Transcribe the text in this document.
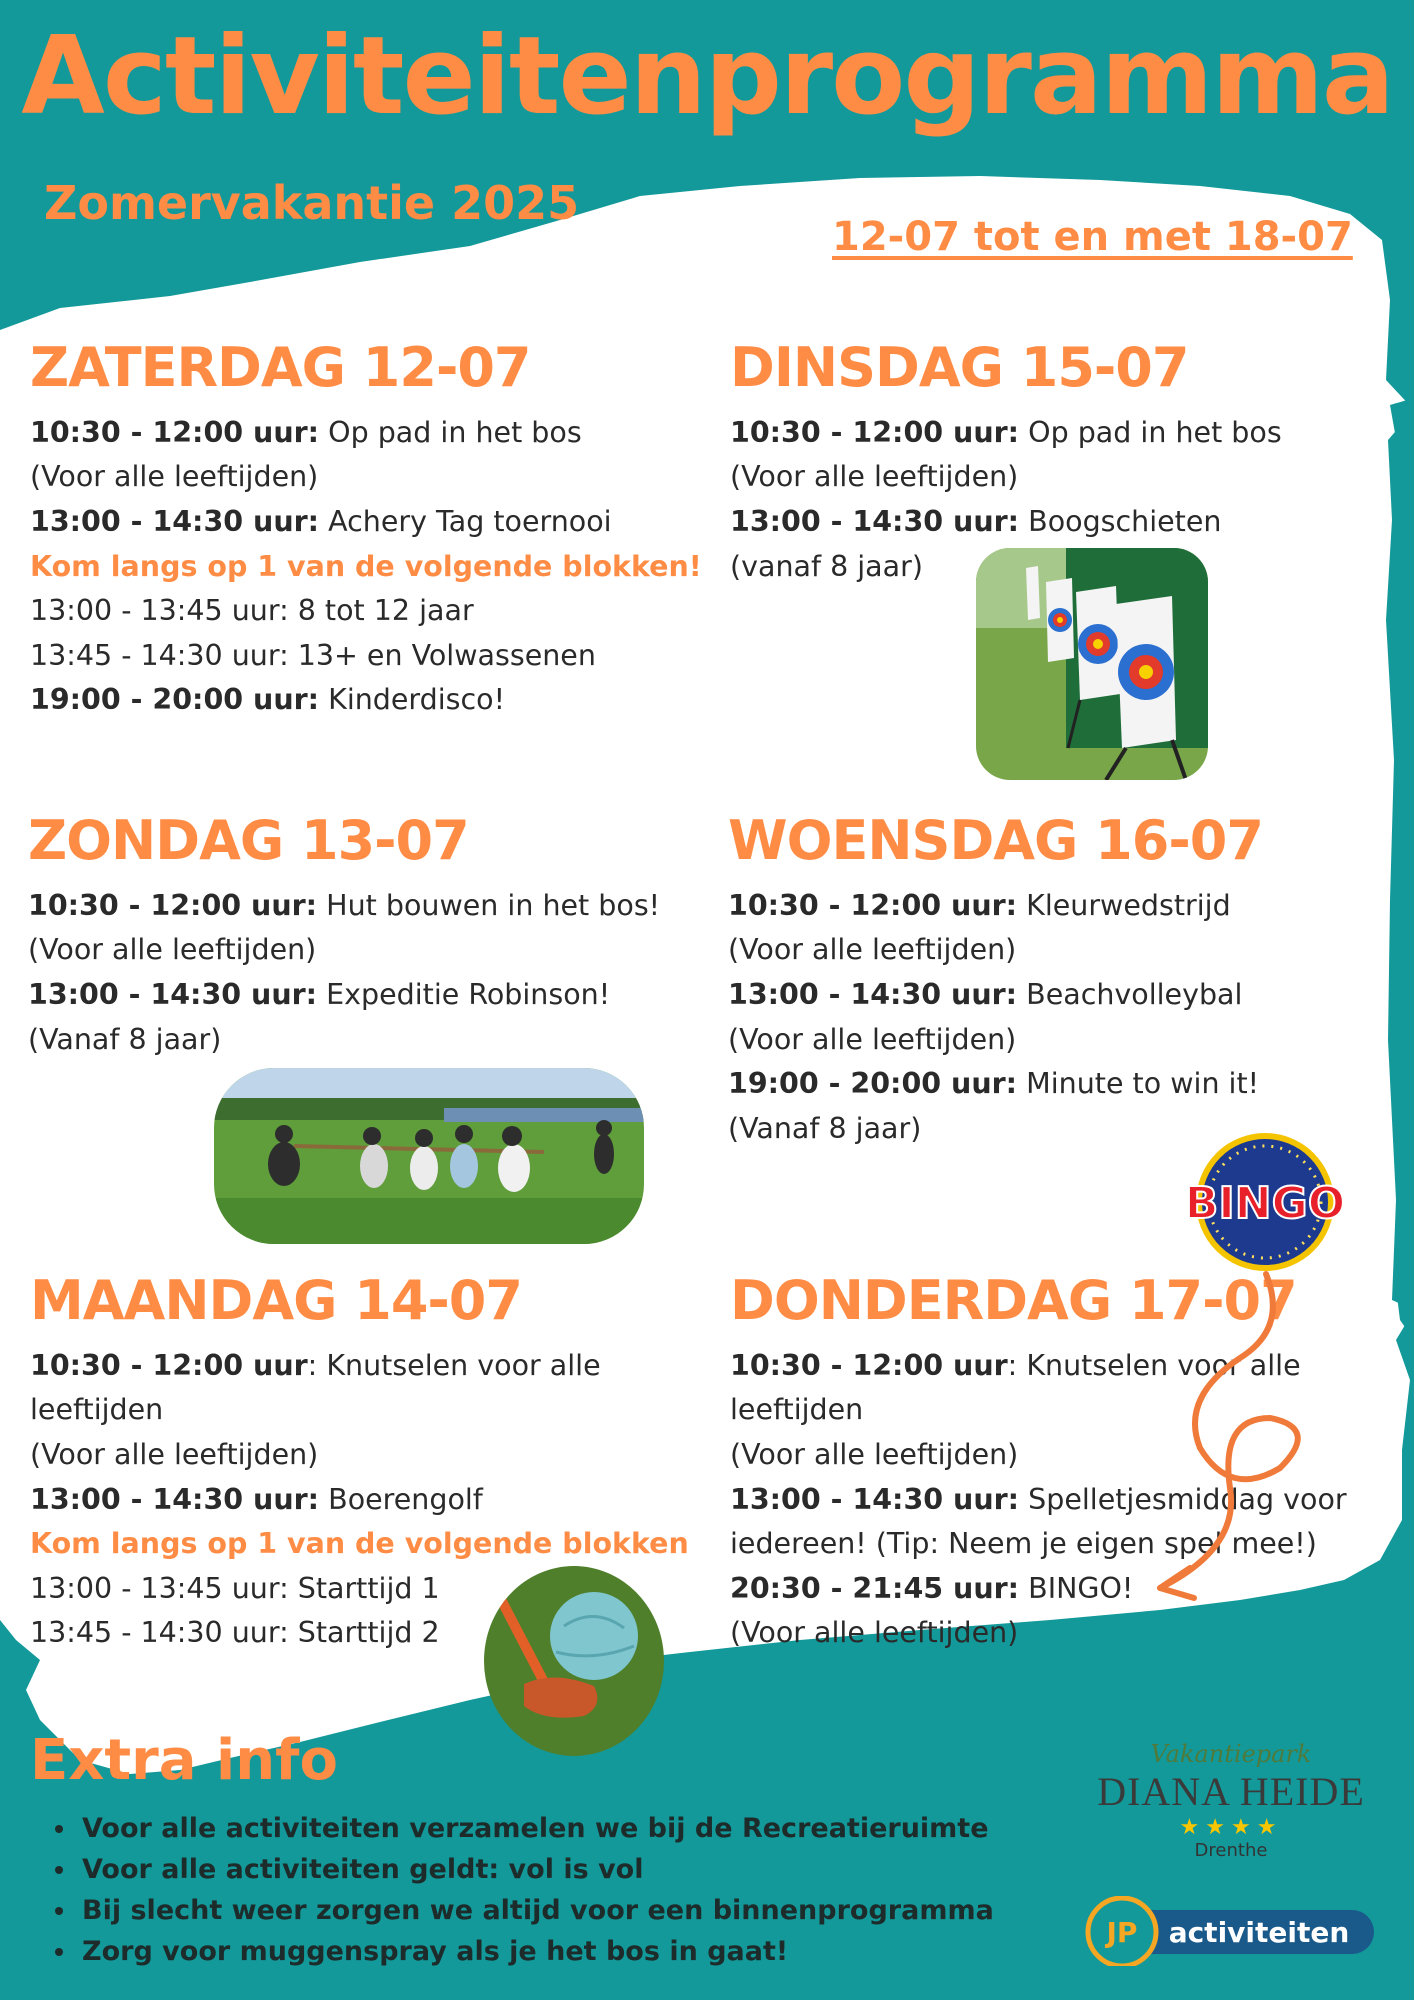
Activiteitenprogramma
Zomervakantie 2025
12-07 tot en met 18-07
ZATERDAG 12-07
10:30 - 12:00 uur: Op pad in het bos
(Voor alle leeftijden)
13:00 - 14:30 uur: Achery Tag toernooi
Kom langs op 1 van de volgende blokken!
13:00 - 13:45 uur: 8 tot 12 jaar
13:45 - 14:30 uur: 13+ en Volwassenen
19:00 - 20:00 uur: Kinderdisco!
DINSDAG 15-07
10:30 - 12:00 uur: Op pad in het bos
(Voor alle leeftijden)
13:00 - 14:30 uur: Boogschieten
(vanaf 8 jaar)
ZONDAG 13-07
10:30 - 12:00 uur: Hut bouwen in het bos!
(Voor alle leeftijden)
13:00 - 14:30 uur: Expeditie Robinson!
(Vanaf 8 jaar)
WOENSDAG 16-07
10:30 - 12:00 uur: Kleurwedstrijd
(Voor alle leeftijden)
13:00 - 14:30 uur: Beachvolleybal
(Voor alle leeftijden)
19:00 - 20:00 uur: Minute to win it!
(Vanaf 8 jaar)
BINGO
MAANDAG 14-07
10:30 - 12:00 uur: Knutselen voor alle
leeftijden
(Voor alle leeftijden)
13:00 - 14:30 uur: Boerengolf
Kom langs op 1 van de volgende blokken
13:00 - 13:45 uur: Starttijd 1
13:45 - 14:30 uur: Starttijd 2
DONDERDAG 17-07
10:30 - 12:00 uur: Knutselen voor alle
leeftijden
(Voor alle leeftijden)
13:00 - 14:30 uur: Spelletjesmiddag voor
iedereen! (Tip: Neem je eigen spel mee!)
20:30 - 21:45 uur: BINGO!
(Voor alle leeftijden)
Extra info
• Voor alle activiteiten verzamelen we bij de Recreatieruimte
• Voor alle activiteiten geldt: vol is vol
• Bij slecht weer zorgen we altijd voor een binnenprogramma
• Zorg voor muggenspray als je het bos in gaat!
Vakantiepark
DIANA HEIDE
★★★★
Drenthe
JP activiteiten
